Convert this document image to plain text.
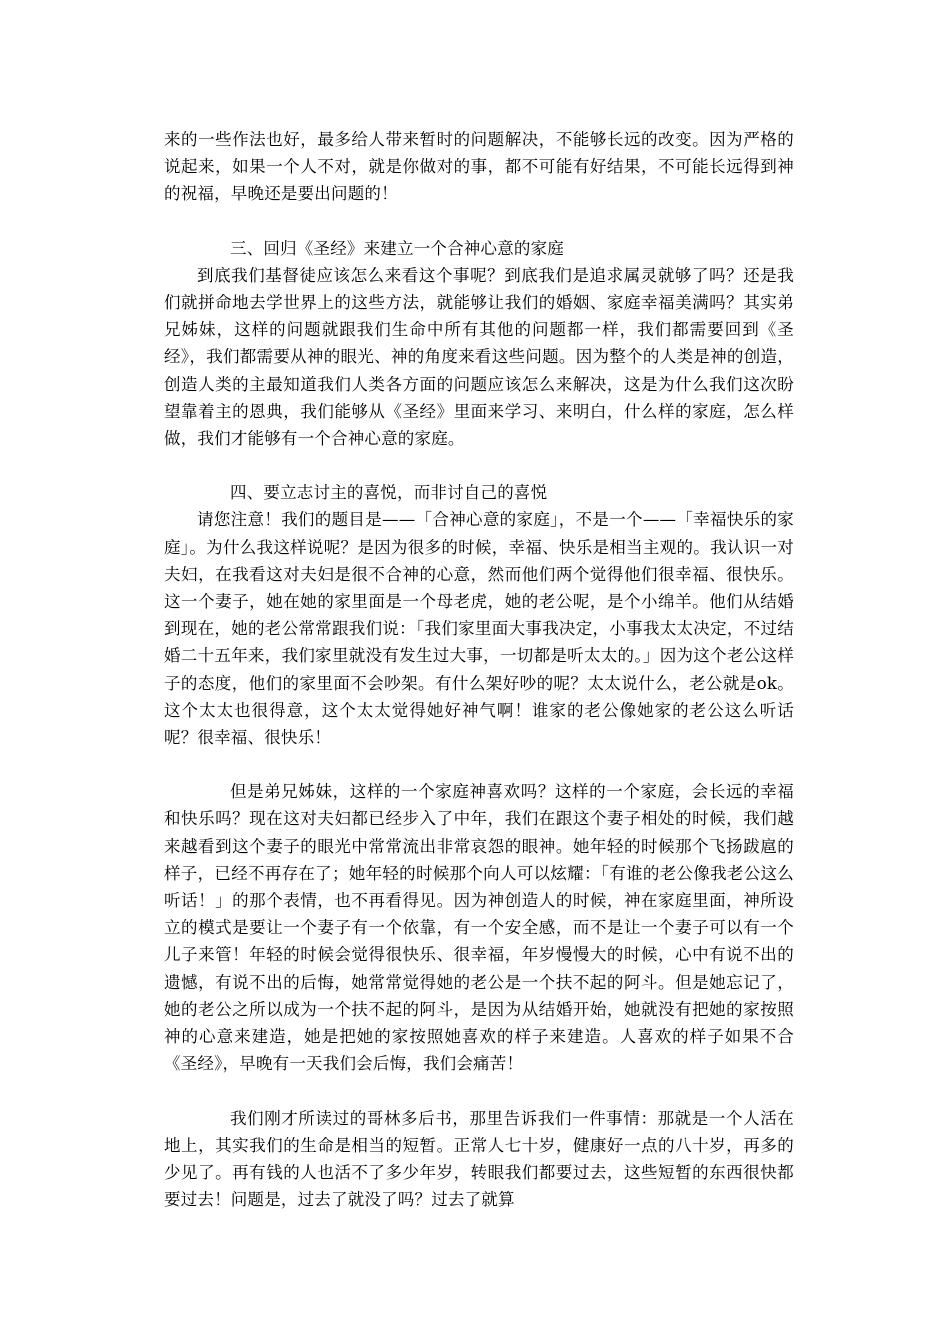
来的一些作法也好，最多给人带来暂时的问题解决，不能够长远的改变。因为严格的说起来，如果一个人不对，就是你做对的事，都不可能有好结果，不可能长远得到神的祝福，早晚还是要出问题的！

三、回归《圣经》来建立一个合神心意的家庭

到底我们基督徒应该怎么来看这个事呢？到底我们是追求属灵就够了吗？还是我们就拼命地去学世界上的这些方法，就能够让我们的婚姻、家庭幸福美满吗？其实弟兄姊妹，这样的问题就跟我们生命中所有其他的问题都一样，我们都需要回到《圣经》，我们都需要从神的眼光、神的角度来看这些问题。因为整个的人类是神的创造，创造人类的主最知道我们人类各方面的问题应该怎么来解决，这是为什么我们这次盼望靠着主的恩典，我们能够从《圣经》里面来学习、来明白，什么样的家庭，怎么样做，我们才能够有一个合神心意的家庭。

四、要立志讨主的喜悦，而非讨自己的喜悦

请您注意！我们的题目是——「合神心意的家庭」，不是一个——「幸福快乐的家庭」。为什么我这样说呢？是因为很多的时候，幸福、快乐是相当主观的。我认识一对夫妇，在我看这对夫妇是很不合神的心意，然而他们两个觉得他们很幸福、很快乐。这一个妻子，她在她的家里面是一个母老虎，她的老公呢，是个小绵羊。他们从结婚到现在，她的老公常常跟我们说：「我们家里面大事我决定，小事我太太决定，不过结婚二十五年来，我们家里就没有发生过大事，一切都是听太太的。」因为这个老公这样子的态度，他们的家里面不会吵架。有什么架好吵的呢？太太说什么，老公就是ok。这个太太也很得意，这个太太觉得她好神气啊！谁家的老公像她家的老公这么听话呢？很幸福、很快乐！

但是弟兄姊妹，这样的一个家庭神喜欢吗？这样的一个家庭，会长远的幸福和快乐吗？现在这对夫妇都已经步入了中年，我们在跟这个妻子相处的时候，我们越来越看到这个妻子的眼光中常常流出非常哀怨的眼神。她年轻的时候那个飞扬跋扈的样子，已经不再存在了；她年轻的时候那个向人可以炫耀：「有谁的老公像我老公这么听话！」的那个表情，也不再看得见。因为神创造人的时候，神在家庭里面，神所设立的模式是要让一个妻子有一个依靠，有一个安全感，而不是让一个妻子可以有一个儿子来管！年轻的时候会觉得很快乐、很幸福，年岁慢慢大的时候，心中有说不出的遗憾，有说不出的后悔，她常常觉得她的老公是一个扶不起的阿斗。但是她忘记了，她的老公之所以成为一个扶不起的阿斗，是因为从结婚开始，她就没有把她的家按照神的心意来建造，她是把她的家按照她喜欢的样子来建造。人喜欢的样子如果不合《圣经》，早晚有一天我们会后悔，我们会痛苦！

我们刚才所读过的哥林多后书，那里告诉我们一件事情：那就是一个人活在地上，其实我们的生命是相当的短暂。正常人七十岁，健康好一点的八十岁，再多的少见了。再有钱的人也活不了多少年岁，转眼我们都要过去，这些短暂的东西很快都要过去！问题是，过去了就没了吗？过去了就算
